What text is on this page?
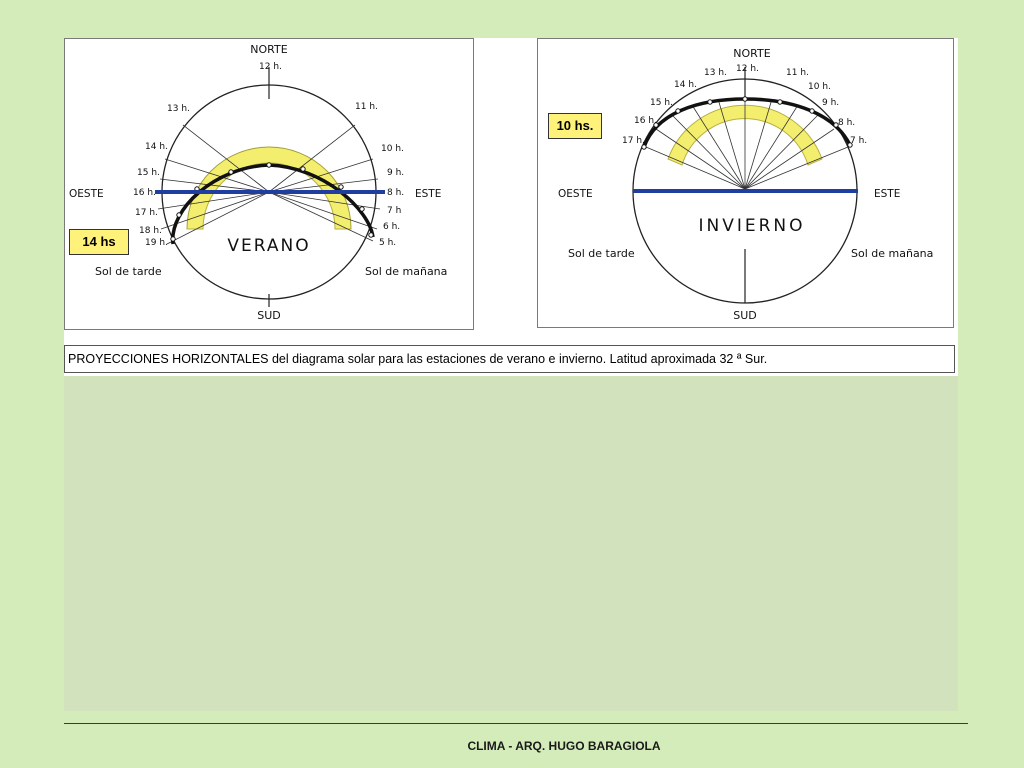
NORTE
SUD
OESTE	ESTE
VERANO
Sol de tarde	Sol de mañana
12 h.
13 h.
14 h.
15 h.
16 h.
17 h.
18 h.
19 h.
11 h.
10 h.
9 h.
8 h.
7 h
6 h.
5 h.
14 hs
NORTE
SUD
OESTE	ESTE
INVIERNO
Sol de tarde	Sol de mañana
12 h.
13 h.
14 h.
15 h.
16 h.
17 h.
11 h.
10 h.
9 h.
8 h.
7 h.
10 hs.
PROYECCIONES HORIZONTALES del diagrama solar para las estaciones de verano e invierno. Latitud aproximada 32 ª Sur.
CLIMA - ARQ. HUGO BARAGIOLA
